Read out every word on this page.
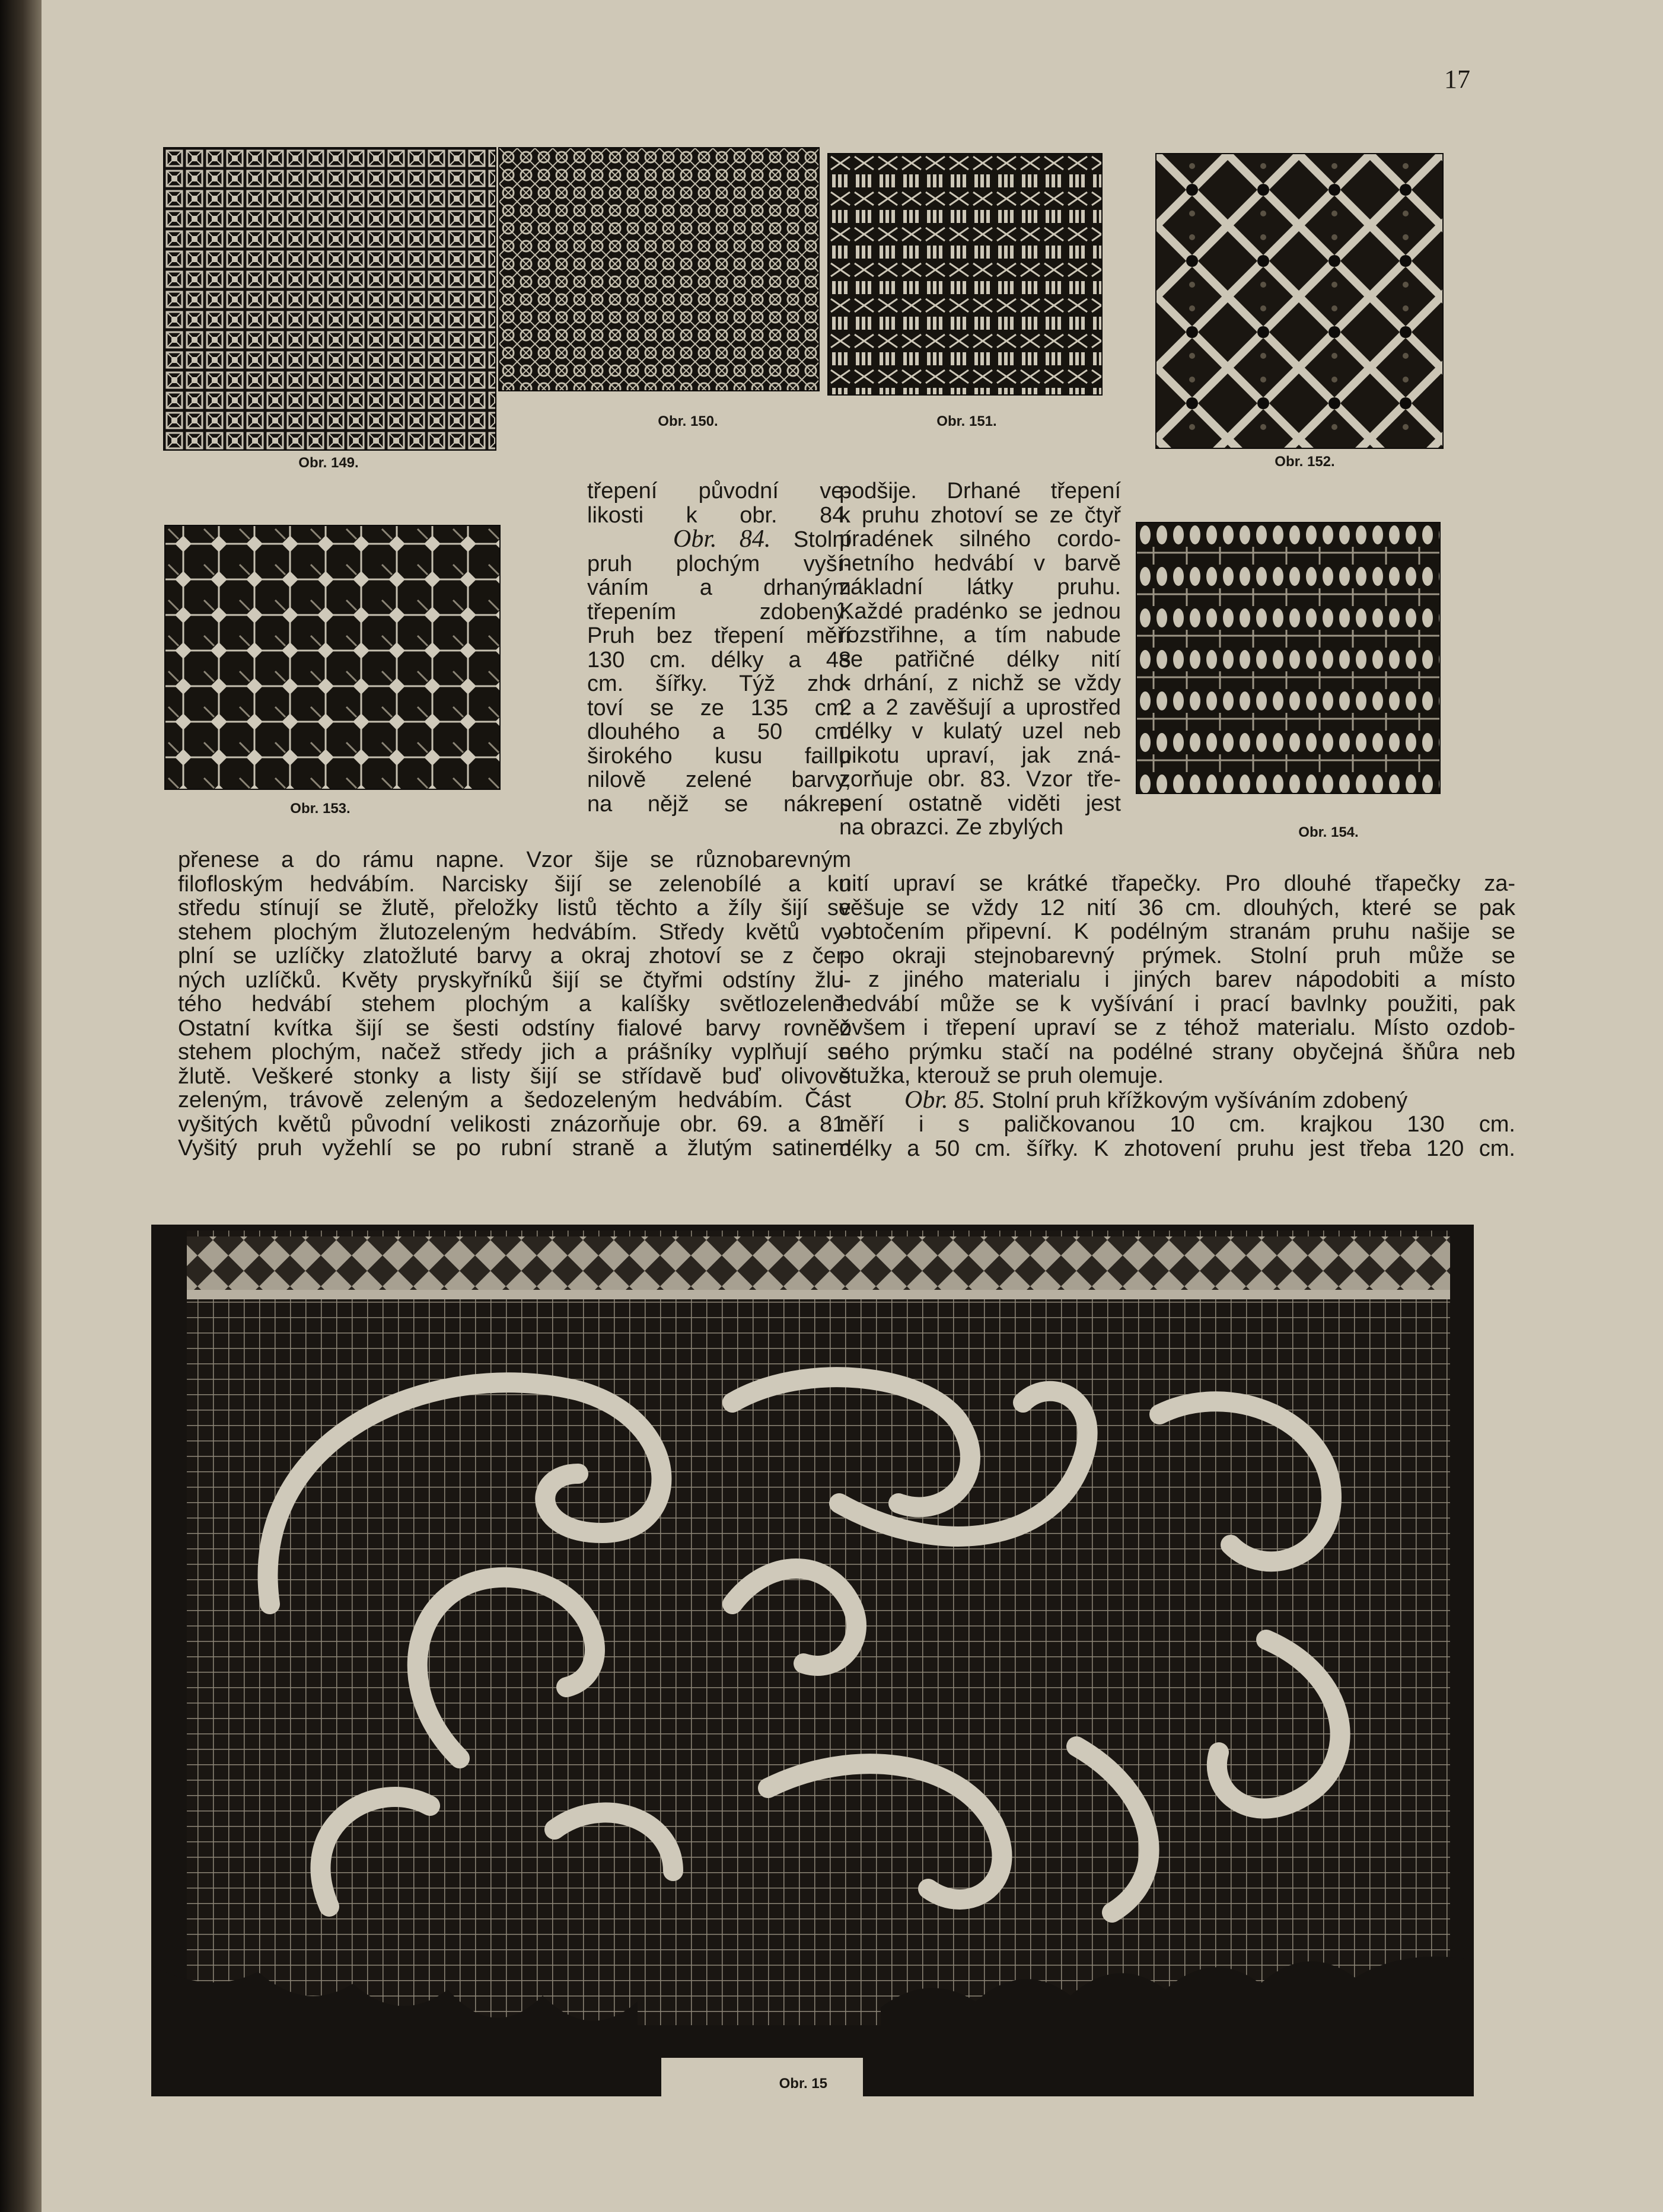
17
Obr. 149.
Obr. 150.	Obr. 151.
Obr. 152.
Obr. 153.
Obr. 154.

třepení původní ve-

likosti k obr. 84.

Obr. 84. Stolní

pruh plochým vyší-

váním a drhaným

třepením zdobený.

Pruh bez třepení měří

130 cm. délky a 48

cm. šířky. Týž zho-

toví se ze 135 cm.

dlouhého a 50 cm.

širokého kusu faillu

nilově zelené barvy,

na nějž se nákres

přenese a do rámu napne. Vzor šije se různobarevným

filofloským hedvábím. Narcisky šijí se zelenobílé a ku

středu stínují se žlutě, přeložky listů těchto a žíly šijí se

stehem plochým žlutozeleným hedvábím. Středy květů vy-

plní se uzlíčky zlatožluté barvy a okraj zhotoví se z čer-

ných uzlíčků. Květy pryskyřníků šijí se čtyřmi odstíny žlu-

tého hedvábí stehem plochým a kalíšky světlozeleně.

Ostatní kvítka šijí se šesti odstíny fialové barvy rovněž

stehem plochým, načež středy jich a prášníky vyplňují se

žlutě. Veškeré stonky a listy šijí se střídavě buď olivově

zeleným, trávově zeleným a šedozeleným hedvábím. Část

vyšitých květů původní velikosti znázorňuje obr. 69. a 81.

Vyšitý pruh vyžehlí se po rubní straně a žlutým satinem

podšije. Drhané třepení

k pruhu zhotoví se ze čtyř

pradének silného cordo-

netního hedvábí v barvě

základní látky pruhu.

Každé pradénko se jednou

rozstřihne, a tím nabude

se patřičné délky nití

k drhání, z nichž se vždy

2 a 2 zavěšují a uprostřed

délky v kulatý uzel neb

pikotu upraví, jak zná-

zorňuje obr. 83. Vzor tře-

pení ostatně viděti jest

na obrazci. Ze zbylých

nití upraví se krátké třapečky. Pro dlouhé třapečky za-

věšuje se vždy 12 nití 36 cm. dlouhých, které se pak

obtočením připevní. K podélným stranám pruhu našije se

po okraji stejnobarevný prýmek. Stolní pruh může se

i z jiného materialu i jiných barev nápodobiti a místo

hedvábí může se k vyšívání i prací bavlnky použiti, pak

ovšem i třepení upraví se z téhož materialu. Místo ozdob-

ného prýmku stačí na podélné strany obyčejná šňůra neb

stužka, kterouž se pruh olemuje.

Obr. 85. Stolní pruh křížkovým vyšíváním zdobený

měří i s paličkovanou 10 cm. krajkou 130 cm.

délky a 50 cm. šířky. K zhotovení pruhu jest třeba 120 cm.

Obr. 15
